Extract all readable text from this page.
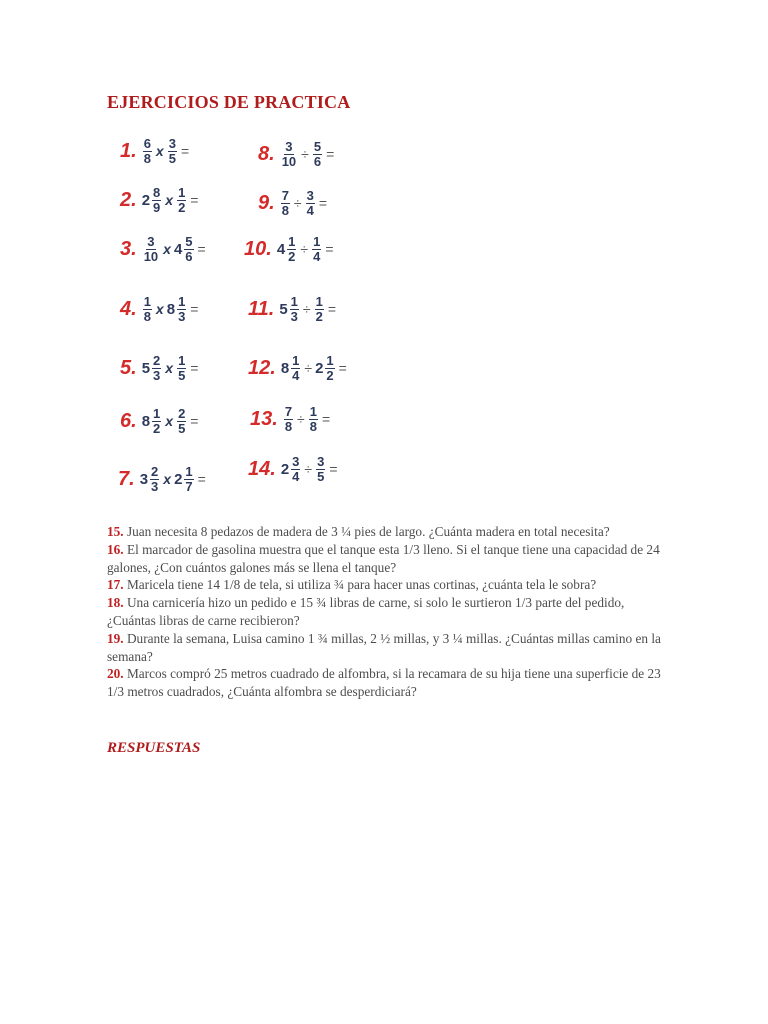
EJERCICIOS DE PRACTICA
1. $\frac{6}{8}$ x $\frac{3}{5}$ =
2. $2 \frac{8}{9}$ x $\frac{1}{2}$ =
3. $\frac{3}{10}$ x $4 \frac{5}{6}$ =
4. $\frac{1}{8}$ x $8 \frac{1}{3}$ =
5. $5 \frac{2}{3}$ x $\frac{1}{5}$ =
6. $8 \frac{1}{2}$ x $\frac{2}{5}$ =
7. $3 \frac{2}{3}$ x $2 \frac{1}{7}$ =
8. $\frac{3}{10} \div \frac{5}{6}$ =
9. $\frac{7}{8} \div \frac{3}{4}$ =
10. $4 \frac{1}{2} \div \frac{1}{4}$ =
11. $5 \frac{1}{3} \div \frac{1}{2}$ =
12. $8 \frac{1}{4} \div 2 \frac{1}{2}$ =
13. $\frac{7}{8} \div \frac{1}{8}$ =
14. $2 \frac{3}{4} \div \frac{3}{5}$ =

15. Juan necesita 8 pedazos de madera de 3 ¼ pies de largo. ¿Cuánta madera en total necesita?

16. El marcador de gasolina muestra que el tanque esta 1/3 lleno. Si el tanque tiene una capacidad de 24 galones, ¿Con cuántos galones más se llena el tanque?

17. Maricela tiene 14 1/8 de tela, si utiliza ¾ para hacer unas cortinas, ¿cuánta tela le sobra?

18. Una carnicería hizo un pedido e 15 ¾ libras de carne, si solo le surtieron 1/3 parte del pedido, ¿Cuántas libras de carne recibieron?

19. Durante la semana, Luisa camino 1 ¾ millas, 2 ½ millas, y 3 ¼ millas. ¿Cuántas millas camino en la semana?

20. Marcos compró 25 metros cuadrado de alfombra, si la recamara de su hija tiene una superficie de 23 1/3 metros cuadrados, ¿Cuánta alfombra se desperdiciará?

RESPUESTAS
